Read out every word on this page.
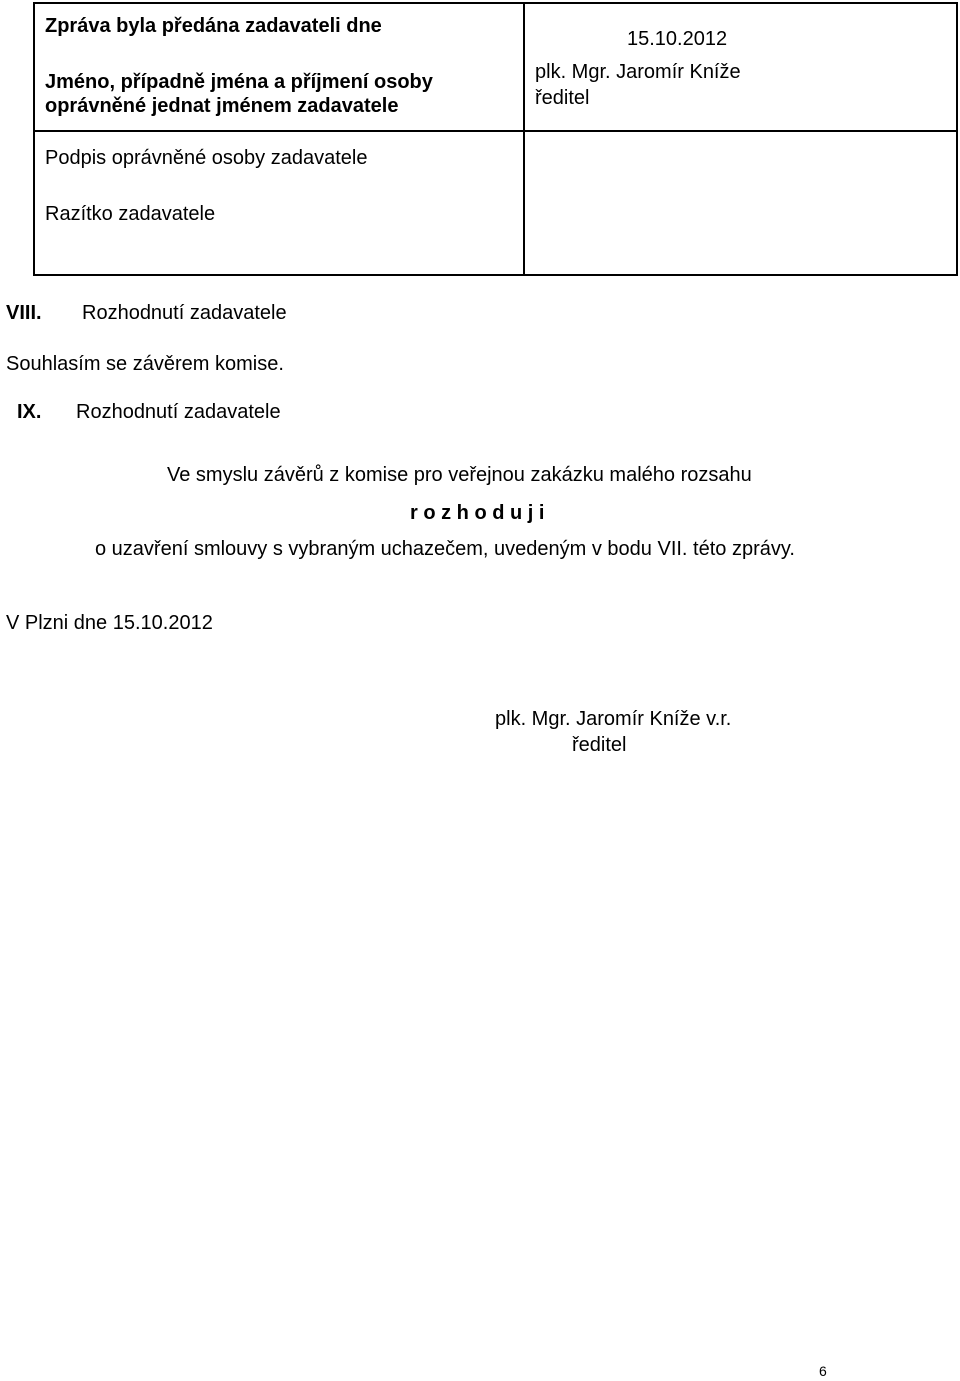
Zpráva byla předána zadavateli dne
15.10.2012
Jméno, případně jména a příjmení osoby
oprávněné jednat jménem zadavatele
plk. Mgr. Jaromír Kníže
ředitel
Podpis oprávněné osoby zadavatele
Razítko zadavatele
VIII. Rozhodnutí zadavatele
Souhlasím se závěrem komise.
IX. Rozhodnutí zadavatele
Ve smyslu závěrů z komise pro veřejnou zakázku malého rozsahu
r o z h o d u j i
o uzavření smlouvy s vybraným uchazečem, uvedeným v bodu VII. této zprávy.
V Plzni dne 15.10.2012
plk. Mgr. Jaromír Kníže v.r.
ředitel
6
